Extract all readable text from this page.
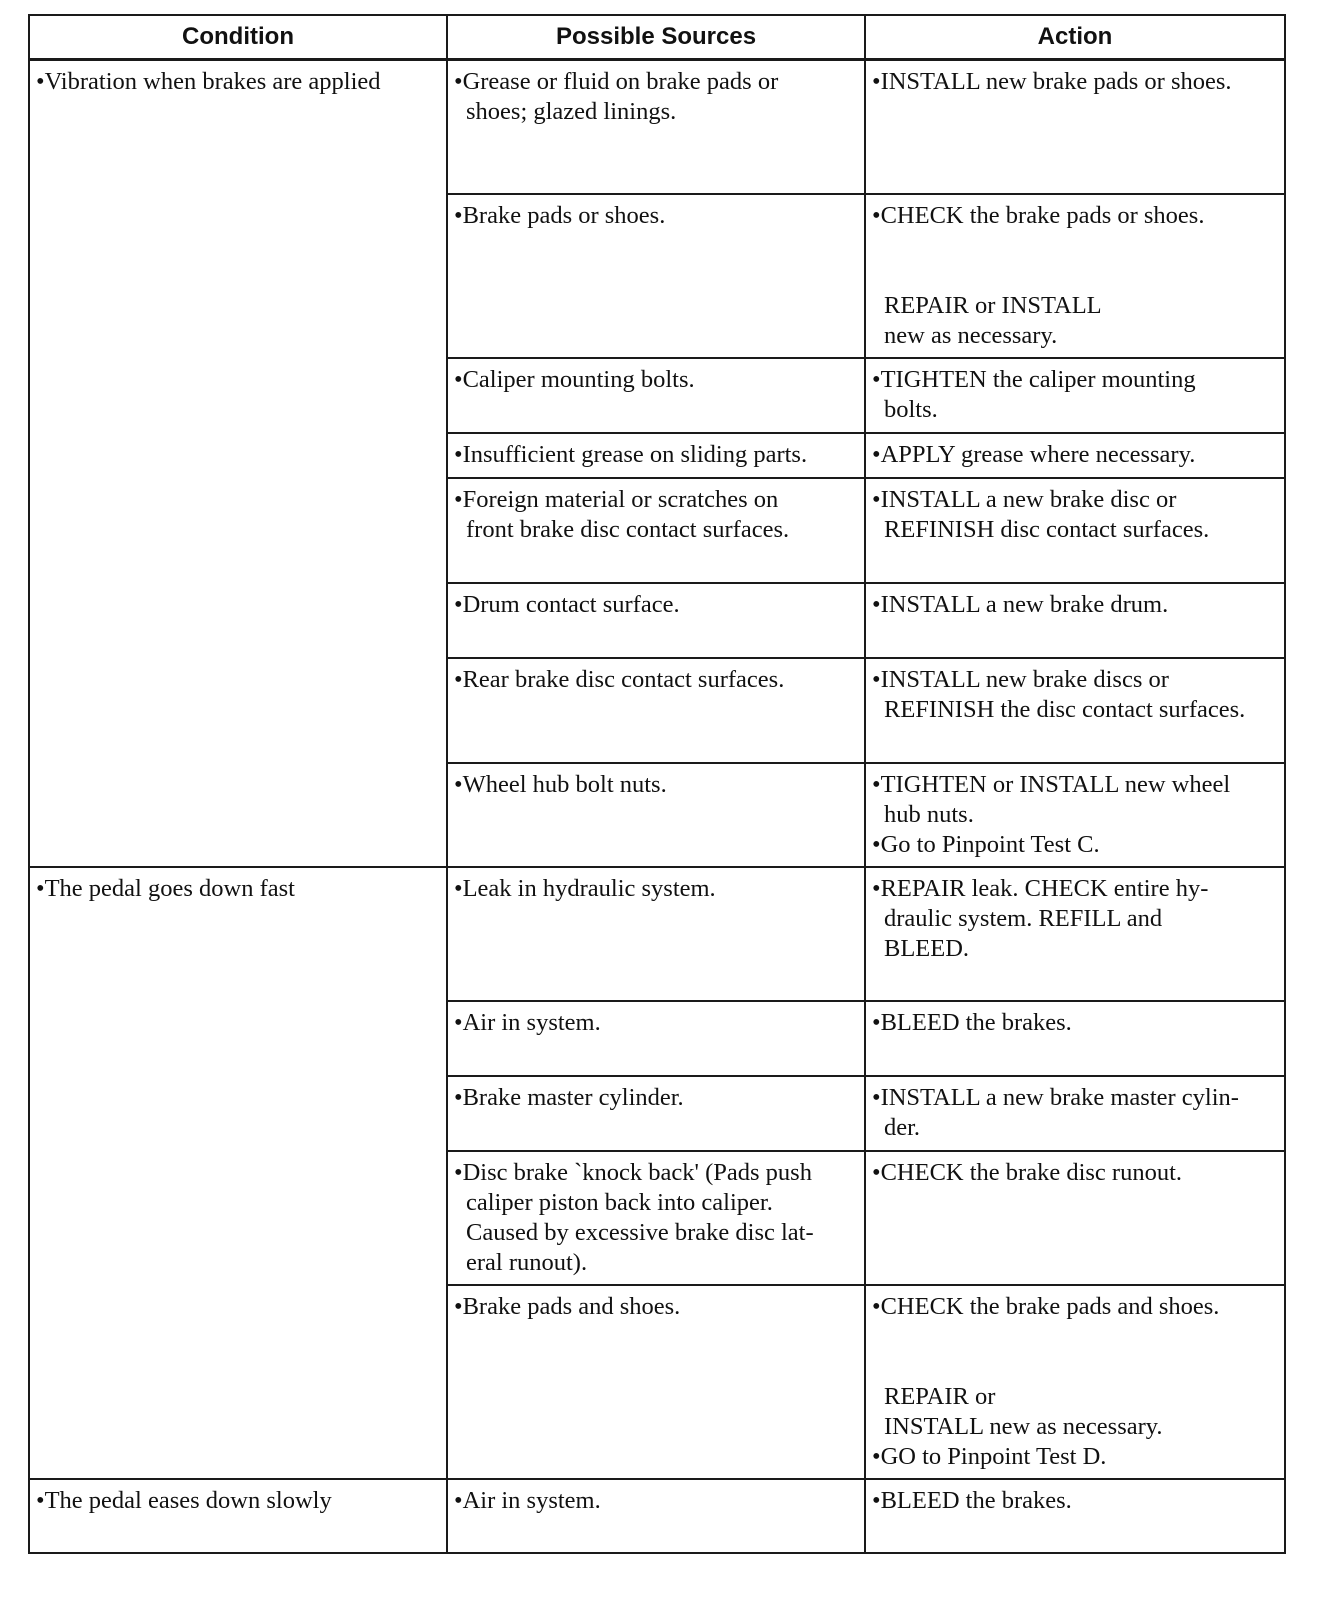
Condition	Possible Sources	Action

•Vibration when brakes are applied	•Grease or fluid on brake pads or
shoes; glazed linings.	•INSTALL new brake pads or shoes.

	•Brake pads or shoes.	•CHECK the brake pads or shoes.
REPAIR or INSTALL
new as necessary.

	•Caliper mounting bolts.	•TIGHTEN the caliper mounting
bolts.

	•Insufficient grease on sliding parts.	•APPLY grease where necessary.

	•Foreign material or scratches on
front brake disc contact surfaces.	•INSTALL a new brake disc or
REFINISH disc contact surfaces.

	•Drum contact surface.	•INSTALL a new brake drum.

	•Rear brake disc contact surfaces.	•INSTALL new brake discs or
REFINISH the disc contact surfaces.

	•Wheel hub bolt nuts.	•TIGHTEN or INSTALL new wheel
hub nuts.
•Go to Pinpoint Test C.

•The pedal goes down fast	•Leak in hydraulic system.	•REPAIR leak. CHECK entire hy-
draulic system. REFILL and
BLEED.

	•Air in system.	•BLEED the brakes.

	•Brake master cylinder.	•INSTALL a new brake master cylin-
der.

	•Disc brake `knock back' (Pads push
caliper piston back into caliper.
Caused by excessive brake disc lat-
eral runout).	•CHECK the brake disc runout.

	•Brake pads and shoes.	•CHECK the brake pads and shoes.
REPAIR or
INSTALL new as necessary.
•GO to Pinpoint Test D.

•The pedal eases down slowly	•Air in system.	•BLEED the brakes.
